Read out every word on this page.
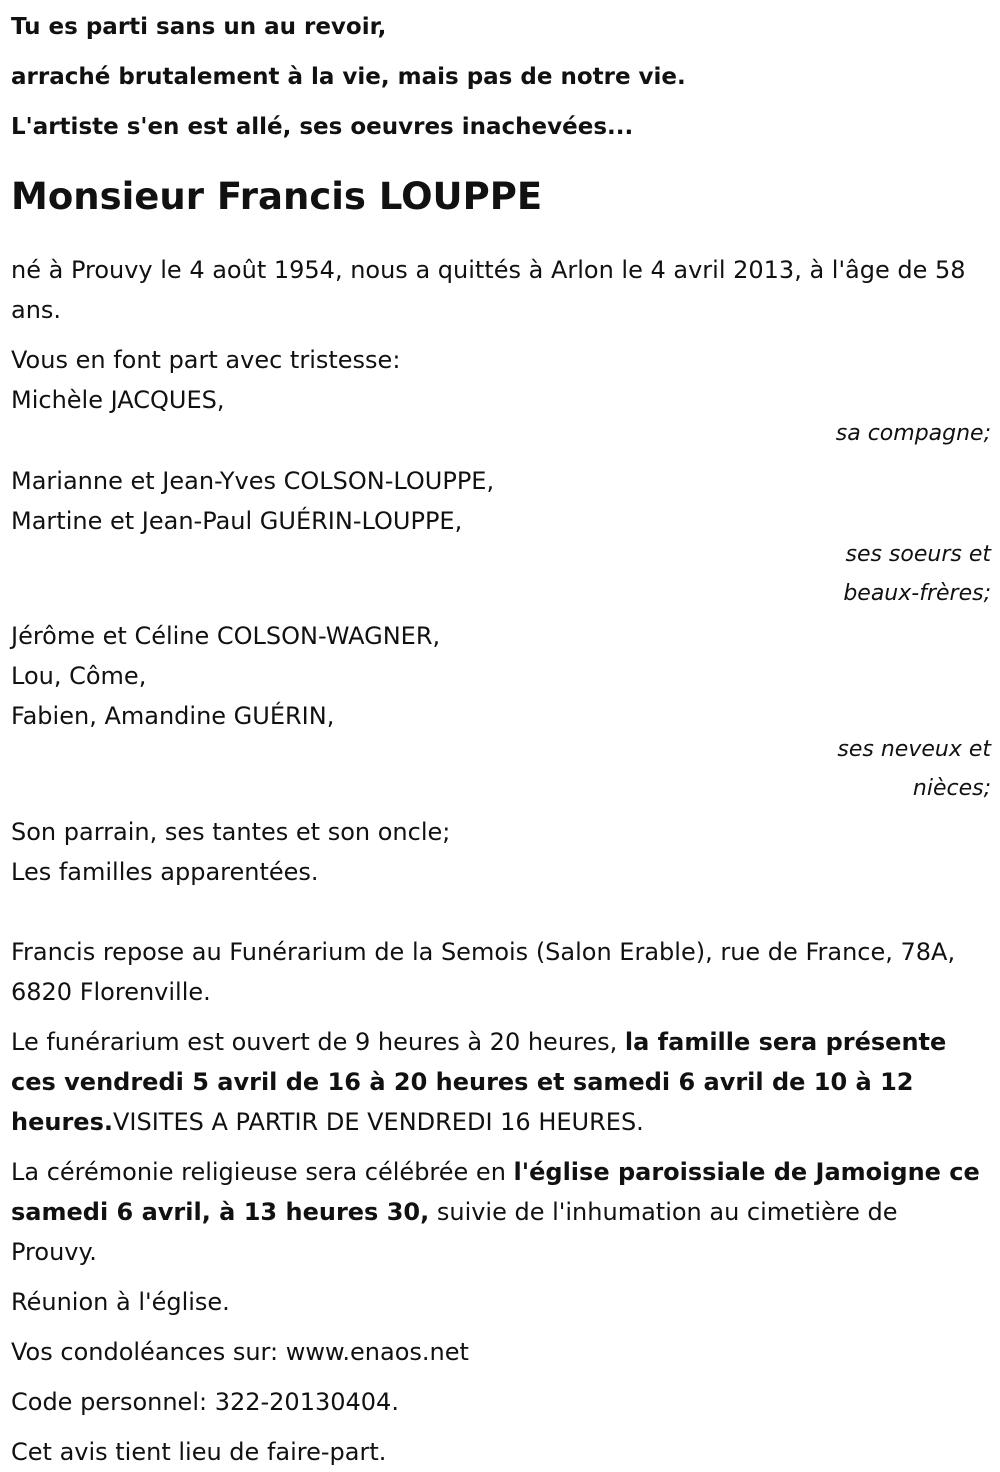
Tu es parti sans un au revoir,

arraché brutalement à la vie, mais pas de notre vie.

L'artiste s'en est allé, ses oeuvres inachevées...

Monsieur Francis LOUPPE

né à Prouvy le 4 août 1954, nous a quittés à Arlon le 4 avril 2013, à l'âge de 58 ans.

Vous en font part avec tristesse:

Michèle JACQUES,

sa compagne;

Marianne et Jean-Yves COLSON-LOUPPE,

Martine et Jean-Paul GUÉRIN-LOUPPE,

ses soeurs et

beaux-frères;

Jérôme et Céline COLSON-WAGNER,

Lou, Côme,

Fabien, Amandine GUÉRIN,

ses neveux et

nièces;

Son parrain, ses tantes et son oncle;

Les familles apparentées.

Francis repose au Funérarium de la Semois (Salon Erable), rue de France, 78A, 6820 Florenville.

Le funérarium est ouvert de 9 heures à 20 heures, la famille sera présente ces vendredi 5 avril de 16 à 20 heures et samedi 6 avril de 10 à 12 heures.VISITES A PARTIR DE VENDREDI 16 HEURES.

La cérémonie religieuse sera célébrée en l'église paroissiale de Jamoigne ce samedi 6 avril, à 13 heures 30, suivie de l'inhumation au cimetière de Prouvy.

Réunion à l'église.

Vos condoléances sur: www.enaos.net

Code personnel: 322-20130404.

Cet avis tient lieu de faire-part.
